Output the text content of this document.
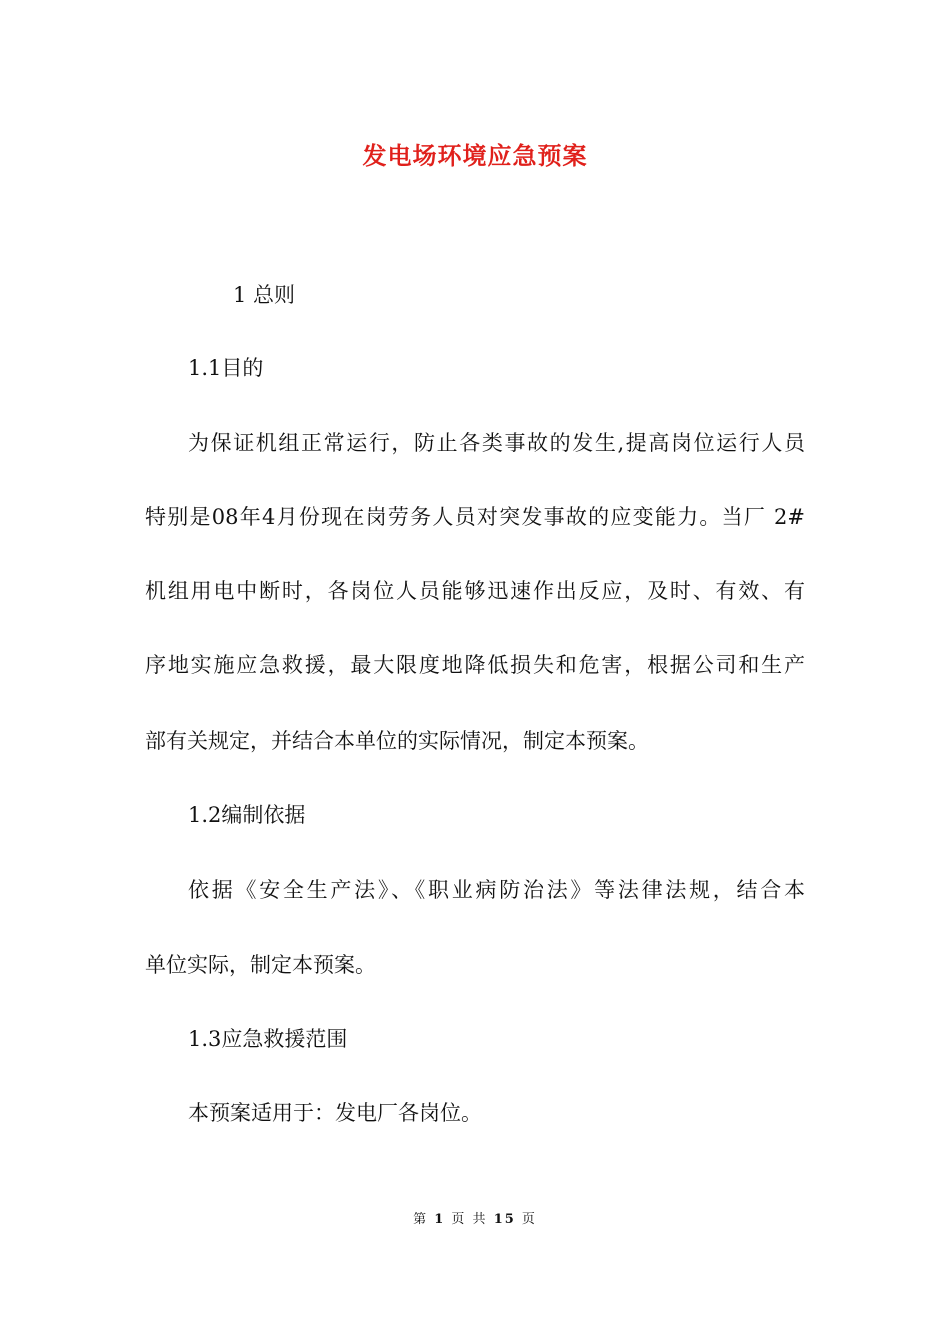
发电场环境应急预案
1 总则
1.1目的
为保证机组正常运行，防止各类事故的发生,提高岗位运行人员
特别是08年4月份现在岗劳务人员对突发事故的应变能力。当厂 2#
机组用电中断时，各岗位人员能够迅速作出反应，及时、有效、有
序地实施应急救援，最大限度地降低损失和危害，根据公司和生产
部有关规定，并结合本单位的实际情况，制定本预案。
1.2编制依据
依据《安全生产法》、《职业病防治法》等法律法规，结合本
单位实际，制定本预案。
1.3应急救援范围
本预案适用于：发电厂各岗位。
第 1 页 共 15 页
